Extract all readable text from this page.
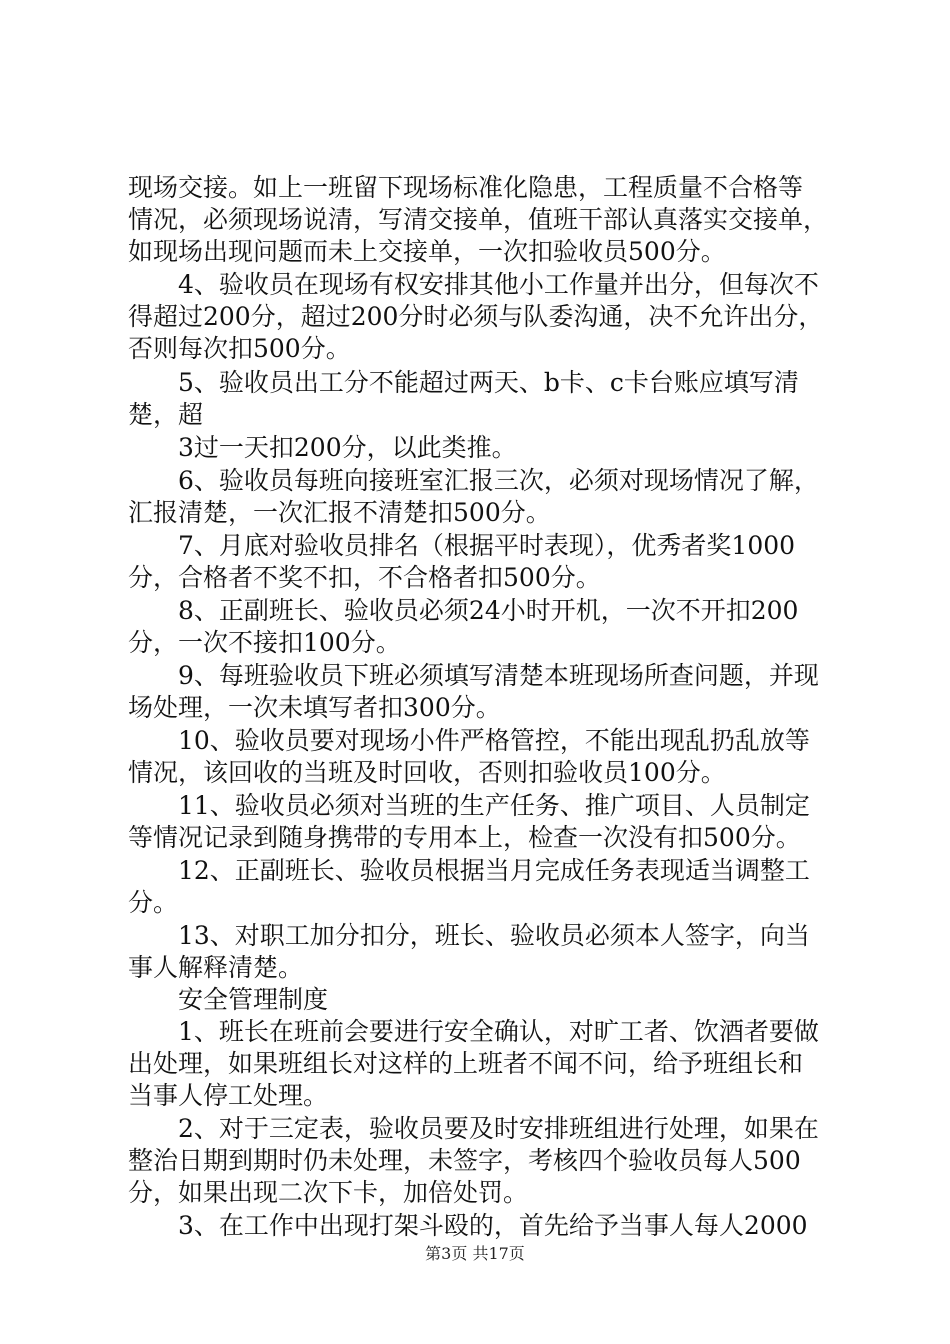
现场交接。如上一班留下现场标准化隐患，工程质量不合格等
情况，必须现场说清，写清交接单，值班干部认真落实交接单，
如现场出现问题而未上交接单，一次扣验收员500分。
4、验收员在现场有权安排其他小工作量并出分，但每次不
得超过200分，超过200分时必须与队委沟通，决不允许出分，
否则每次扣500分。
5、验收员出工分不能超过两天、b卡、c卡台账应填写清
楚，超
3过一天扣200分，以此类推。
6、验收员每班向接班室汇报三次，必须对现场情况了解，
汇报清楚，一次汇报不清楚扣500分。
7、月底对验收员排名（根据平时表现），优秀者奖1000
分，合格者不奖不扣，不合格者扣500分。
8、正副班长、验收员必须24小时开机，一次不开扣200
分，一次不接扣100分。
9、每班验收员下班必须填写清楚本班现场所查问题，并现
场处理，一次未填写者扣300分。
10、验收员要对现场小件严格管控，不能出现乱扔乱放等
情况，该回收的当班及时回收，否则扣验收员100分。
11、验收员必须对当班的生产任务、推广项目、人员制定
等情况记录到随身携带的专用本上，检查一次没有扣500分。
12、正副班长、验收员根据当月完成任务表现适当调整工
分。
13、对职工加分扣分，班长、验收员必须本人签字，向当
事人解释清楚。
安全管理制度
1、班长在班前会要进行安全确认，对旷工者、饮酒者要做
出处理，如果班组长对这样的上班者不闻不问，给予班组长和
当事人停工处理。
2、对于三定表，验收员要及时安排班组进行处理，如果在
整治日期到期时仍未处理，未签字，考核四个验收员每人500
分，如果出现二次下卡，加倍处罚。
3、在工作中出现打架斗殴的，首先给予当事人每人2000
第3页 共17页
